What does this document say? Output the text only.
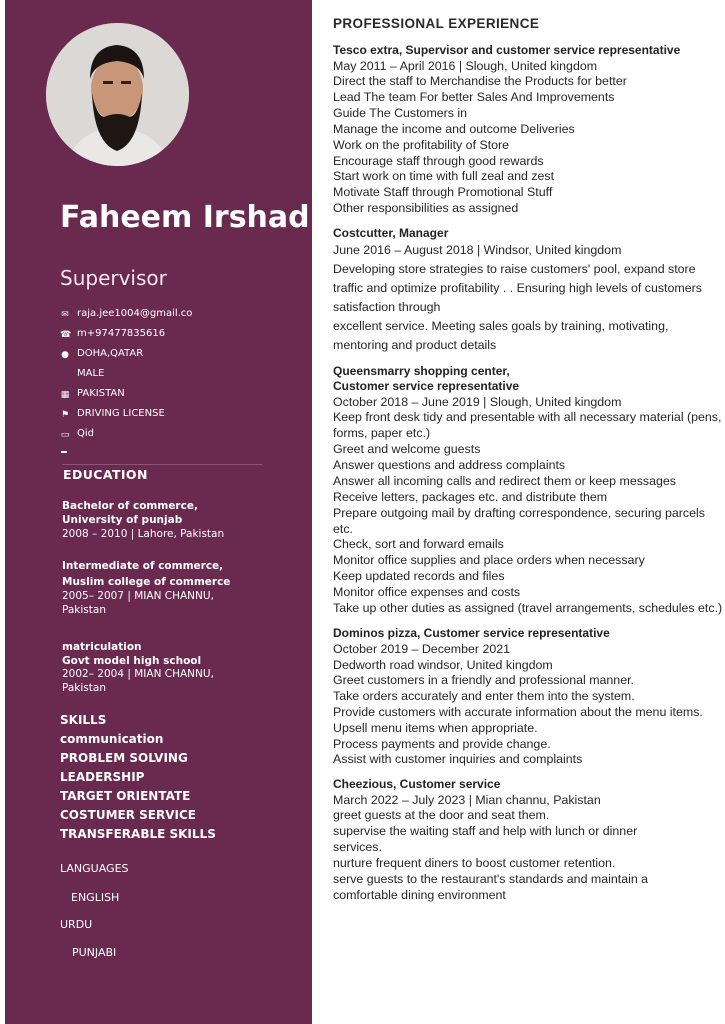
Faheem Irshad
Supervisor
✉ raja.jee1004@gmail.co
☎ m+97477835616
● DOHA,QATAR
MALE
▦ PAKISTAN
⚑ DRIVING LICENSE
▭ Qid
EDUCATION
Bachelor of commerce,
University of punjab
2008 – 2010 | Lahore, Pakistan
Intermediate of commerce,
Muslim college of commerce
2005– 2007 | MIAN CHANNU,
Pakistan
matriculation
Govt model high school
2002– 2004 | MIAN CHANNU,
Pakistan
SKILLS
communication
PROBLEM SOLVING
LEADERSHIP
TARGET ORIENTATE
COSTUMER SERVICE
TRANSFERABLE SKILLS
LANGUAGES
ENGLISH
URDU
PUNJABI
PROFESSIONAL EXPERIENCE
Tesco extra, Supervisor and customer service representative
May 2011 – April 2016 | Slough, United kingdom
Direct the staff to Merchandise the Products for better
Lead The team For better Sales And Improvements
Guide The Customers in
Manage the income and outcome Deliveries
Work on the profitability of Store
Encourage staff through good rewards
Start work on time with full zeal and zest
Motivate Staff through Promotional Stuff
Other responsibilities as assigned
Costcutter, Manager
June 2016 – August 2018 | Windsor, United kingdom
Developing store strategies to raise customers' pool, expand store traffic and optimize profitability . . Ensuring high levels of customers satisfaction through
excellent service. Meeting sales goals by training, motivating, mentoring and product details
Queensmarry shopping center,
Customer service representative
October 2018 – June 2019 | Slough, United kingdom
Keep front desk tidy and presentable with all necessary material (pens, forms, paper etc.)
Greet and welcome guests
Answer questions and address complaints
Answer all incoming calls and redirect them or keep messages
Receive letters, packages etc. and distribute them
Prepare outgoing mail by drafting correspondence, securing parcels etc.
Check, sort and forward emails
Monitor office supplies and place orders when necessary
Keep updated records and files
Monitor office expenses and costs
Take up other duties as assigned (travel arrangements, schedules etc.)
Dominos pizza, Customer service representative
October 2019 – December 2021
Dedworth road windsor, United kingdom
Greet customers in a friendly and professional manner.
Take orders accurately and enter them into the system.
Provide customers with accurate information about the menu items.
Upsell menu items when appropriate.
Process payments and provide change.
Assist with customer inquiries and complaints
Cheezious, Customer service
March 2022 – July 2023 | Mian channu, Pakistan
greet guests at the door and seat them.
supervise the waiting staff and help with lunch or dinner services.
nurture frequent diners to boost customer retention.
serve guests to the restaurant's standards and maintain a comfortable dining environment
